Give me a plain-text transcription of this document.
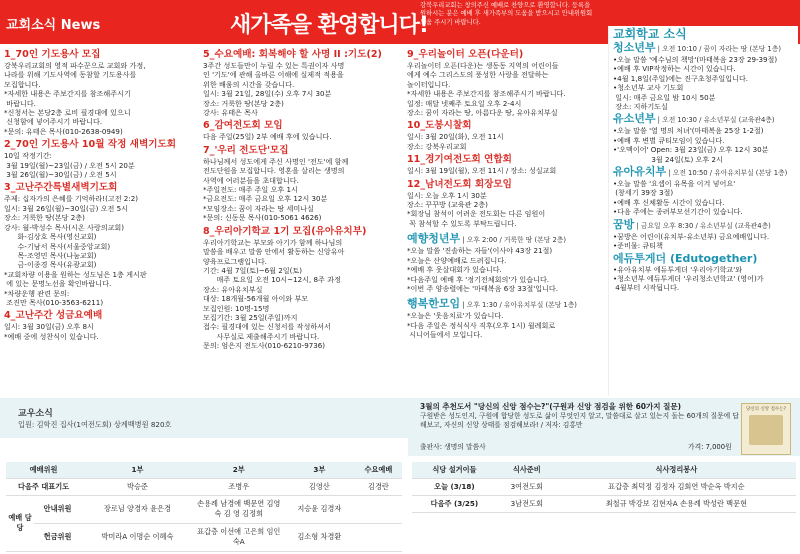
교회소식 News	새가족을 환영합니다!
강북우리교회는 창의주신 예배로 찬양으로 환영합니다. 등록을 원하시는 분은 예배 후 새가족부의 도움을 받으시고 안내위원회 도움 주시기 바랍니다.
1_70인 기도용사 모집
강북우리교회의 영적 파수꾼으로 교회와 가정,
나라를 위해 기도사역에 동참할 기도용사를
모집합니다.
*자세한 내용은 주보간지를 참조해주시기
바랍니다.
*신청서는 본당2층 로비 필경대에 있으니
신청함에 넣어주시기 바랍니다.
*문의: 유태은 목사(010-2638-0949)
2_70인 기도용사 10월 작정 새벽기도회
10일 작정기간:
3월 19일(월)~23일(금) / 오전 5시 20분
3월 26일(월)~30일(금) / 오전 5시
3_고난주간특별새벽기도회
주제: 십자가의 은혜를 기억하라!(고전 2:2)
일시: 3월 26일(월)~30일(금) 오전 5시
장소: 거룩한 땅(본당 2층)
강사: 월-박성수 목사(시온 사랑의교회)
화-김상호 목사(영신교회)
수-기남서 목사(서울중앙교회)
목-조영민 목사(나눔교회)
금-이종경 목사(유광교회)
*교회차량 이용을 원하는 성도님은 1층 게시판
에 있는 문명노선을 확인바랍니다.
*차량운행 관련 문의:
조진만 목사(010-3563-6211)
4_고난주간 성금요예배
일시: 3월 30일(금) 오후 8시
*예배 중에 성찬식이 있습니다.
5_수요예배: 회복해야 할 사명 II :기도(2)
3주간 성도들만이 누릴 수 있는 특권이자 사명
인 '기도'에 관해 올바른 이해에 실제적 적용을
위한 배움의 시간을 갖습니다.
일시: 3월 21일, 28일(수) 오후 7시 30분
장소: 거룩한 땅(본당 2층)
강사: 유태은 목사
6_감여전도회 모임
다음 주일(25일) 2부 예배 후에 있습니다.
7_'우리 전도단'모집
하나님께서 성도에게 주신 사명인 '전도'에 함께
전도단원을 모집합니다. 영혼을 살리는 생명의
사역에 여러분들을 초대합니다.
*주일전도: 매주 주일 오후 1시
*금요전도: 매주 금요일 오후 12시 30분
*모임장소: 꿈이 자라는 땅 세미나실
*문의: 신동문 목사(010-5061 4626)
8_우리아기학교 1기 모집(유아유치부)
우리아기학교는 부모와 아기가 함께 하나님의
말씀을 배우고 말씀 안에서 활동하는 신앙유아
양육프로그램입니다.
기간: 4월 7일(토)~6월 2일(토)
매주 토요일 오전 10시~12시, 8주 과정
장소: 유아유치부실
대상: 18개월-56개월 아이와 부모
모집인원: 10명-15명
모집기간: 3월 25일(주일)까지
접수: 필경대에 있는 신청서를 작성하셔서
사무실로 제출해주시기 바랍니다.
문의: 엄은지 전도사(010-6210-9736)
9_우리놀이터 오픈(다운터)
우리놀이터 오픈(다운)는 생동동 지역의 어린이들
에게 예수 그리스도의 풍성한 사랑을 전달하는
놀이터입니다.
*자세한 내용은 주보간지를 참조해주시기 바랍니다.
일정: 매달 넷째주 토요일 오후 2-4시
장소: 꿈이 자라는 땅, 아름다운 땅, 유아유치부실
10_도봉시찰회
일시: 3월 20일(화), 오전 11시
장소: 강북우리교회
11_경기여전도회 연합회
일시: 3월 19일(월), 오전 11시 / 장소: 성실교회
12_남녀전도회 회장모임
일시: 오늘 오후 1시 30분
장소: 꾸꾸방 (교육관 2층)
*회장님 참석이 어려운 전도회는 다른 임원이
꼭 참석할 수 있도록 부탁드립니다.
예향청년부 | 오후 2:00 / 거룩한 땅 (본당 2층)
*오늘 말씀 '진솔하는 자들'(이사야 43장 21절)
*오늘은 산양예배로 드려집니다.
*예배 후 웃살대회가 있습니다.
*다음주일 예배 후 '정기전체회의'가 있습니다.
*이번 주 양송렬에는 '마태복음 6장 33절'입니다.
행복한모임 | 오후 1:30 / 유아유치부실 (본당 1층)
*오늘은 '웃음치료'가 있습니다.
*다음 주일은 정식식사 직후(오후 1시) 월례회로
시니어들에서 모입니다.
교회학교 소식
청소년부 | 오전 10:10 / 꿈이 자라는 땅 (본당 1층)
•오늘 말씀 '예수님의 책망'(마태복음 23장 29-39절)
•예배 후 VIP작정하는 시간이 있습니다.
•4월 1,8일(주일)에는 진구초청주일입니다.
•청소년부 교사 기도회
일시: 매주 금요일 밤 10시 50분
장소: 지하기도실
유소년부 | 오전 10:30 / 유소년부실 (교육관4층)
•오늘 말씀 '열 명의 처녀'(마태복음 25장 1-2절)
•예배 후 변별 큐티모임이 있습니다.
•'오맥이어' Open: 3월 23일(금) 오후 12시 30분
3월 24일(토) 오후 2시
유아유치부 | 오전 10:50 / 유아유치부실 (본당 1층)
•오늘 말씀 '요셉이 유목을 이겨 넣어요'
(창세기 39장 3절)
•예배 후 신체활동 시간이 있습니다.
•다음 주에는 종려부모선기간이 있습니다.
꿈방 | 금요일 오후 8:30 / 유소년부실 (교육관4층)
•꿈방은 어린이(유치부-유소년부) 금요예배입니다.
•준비물: 큐티책
에듀투게더 (Edutogether)
•유아유치부 에듀투게더 '우리아기학교'와
•청소년부 에듀투게더 '우리청소년학교' (영어)가
4월부터 시작됩니다.
교우소식
입원: 김학진 집사(1여전도회) 상계백병원 820호
3월의 추천도서 "당신의 신앙 점수는?"(구원과 신앙 점검을 위한 60가지 질문)
구원받은 성도인지, 구원에 합당한 성도로 삶이 무엇인지 알고, 말씀대로 살고 있는지 돌는 60개의 질문에 답해보고, 자신의 신앙 상태를 점검해보라! / 저자: 김홍만
출판사: 생명의 말씀사	가격: 7,000원
당신의 신앙 점수는?
예배위원		1부	2부	3부	수요예배
다음주 대표기도		박승준	조병우	김영산	김경란
예배 담당	안내위원	장로님 양경자 윤은경	손용례 남경애 백문연 김영숙 김 영 김정희	지승윤 김경자	
	헌금위원	박미라A 이명순 이혜숙	표갑층 이선애 고은희 임인숙A	김소형 차경환	
식당 설거이들	식사준비	식사정리봉사
오늘 (3/18)	3여전도회	표갑층 최덕정 김정자 김회연 박순옥 박지순
다음주 (3/25)	3남전도회	최철규 박강보 김현자A 손용례 박성란 백문현
